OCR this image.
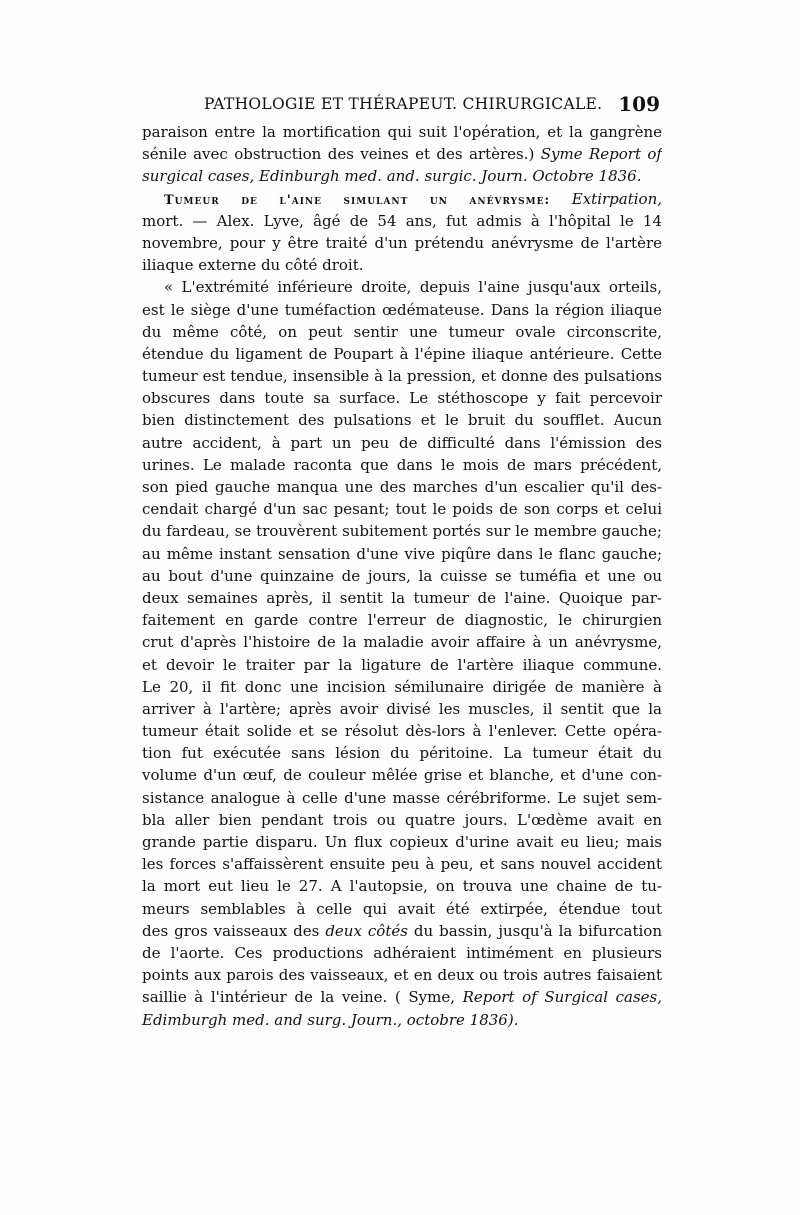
PATHOLOGIE ET THÉRAPEUT. CHIRURGICALE. 109
paraison entre la mortification qui suit l'opération, et la gangrène
sénile avec obstruction des veines et des artères.) Syme Report of
surgical cases, Edinburgh med. and. surgic. Journ. Octobre 1836.
Tumeur de l'aine simulant un anévrysme: Extirpation,
mort. — Alex. Lyve, âgé de 54 ans, fut admis à l'hôpital le 14
novembre, pour y être traité d'un prétendu anévrysme de l'artère
iliaque externe du côté droit.
« L'extrémité inférieure droite, depuis l'aine jusqu'aux orteils,
est le siège d'une tuméfaction œdémateuse. Dans la région iliaque
du même côté, on peut sentir une tumeur ovale circonscrite,
étendue du ligament de Poupart à l'épine iliaque antérieure. Cette
tumeur est tendue, insensible à la pression, et donne des pulsations
obscures dans toute sa surface. Le stéthoscope y fait percevoir
bien distinctement des pulsations et le bruit du soufflet. Aucun
autre accident, à part un peu de difficulté dans l'émission des
urines. Le malade raconta que dans le mois de mars précédent,
son pied gauche manqua une des marches d'un escalier qu'il des-
cendait chargé d'un sac pesant; tout le poids de son corps et celui
du fardeau, se trouvèrent subitement portés sur le membre gauche;
au même instant sensation d'une vive piqûre dans le flanc gauche;
au bout d'une quinzaine de jours, la cuisse se tuméfia et une ou
deux semaines après, il sentit la tumeur de l'aine. Quoique par-
faitement en garde contre l'erreur de diagnostic, le chirurgien
crut d'après l'histoire de la maladie avoir affaire à un anévrysme,
et devoir le traiter par la ligature de l'artère iliaque commune.
Le 20, il fit donc une incision sémilunaire dirigée de manière à
arriver à l'artère; après avoir divisé les muscles, il sentit que la
tumeur était solide et se résolut dès-lors à l'enlever. Cette opéra-
tion fut exécutée sans lésion du péritoine. La tumeur était du
volume d'un œuf, de couleur mêlée grise et blanche, et d'une con-
sistance analogue à celle d'une masse cérébriforme. Le sujet sem-
bla aller bien pendant trois ou quatre jours. L'œdème avait en
grande partie disparu. Un flux copieux d'urine avait eu lieu; mais
les forces s'affaissèrent ensuite peu à peu, et sans nouvel accident
la mort eut lieu le 27. A l'autopsie, on trouva une chaine de tu-
meurs semblables à celle qui avait été extirpée, étendue tout
des gros vaisseaux des deux côtés du bassin, jusqu'à la bifurcation
de l'aorte. Ces productions adhéraient intimément en plusieurs
points aux parois des vaisseaux, et en deux ou trois autres faisaient
saillie à l'intérieur de la veine. ( Syme, Report of Surgical cases,
Edimburgh med. and surg. Journ., octobre 1836).
